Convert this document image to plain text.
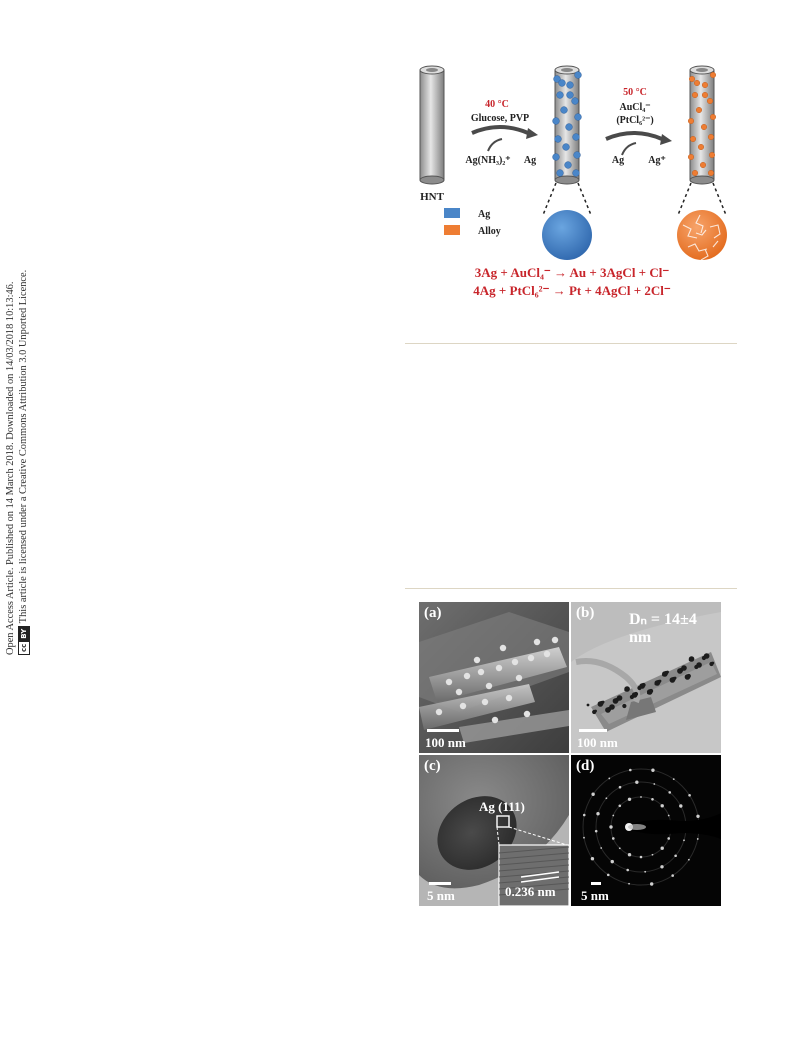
Open Access Article. Published on 14 March 2018. Downloaded on 14/03/2018 10:13:46. cc
BY
This article is licensed under a Creative Commons Attribution 3.0 Unported Licence.
HNT
40 °C
Glucose, PVP
Ag(NH₃)₂⁺ Ag
50 °C
AuCl₄⁻
(PtCl₆²⁻)
Ag Ag⁺
Ag
Alloy
3Ag + AuCl₄⁻ → Au + 3AgCl + Cl⁻
4Ag + PtCl₆²⁻ → Pt + 4AgCl + 2Cl⁻
(a)
100 nm
(b) Dₙ = 14±4 nm
100 nm
(c)
Ag (111)
5 nm	0.236 nm
(d)
5 nm
